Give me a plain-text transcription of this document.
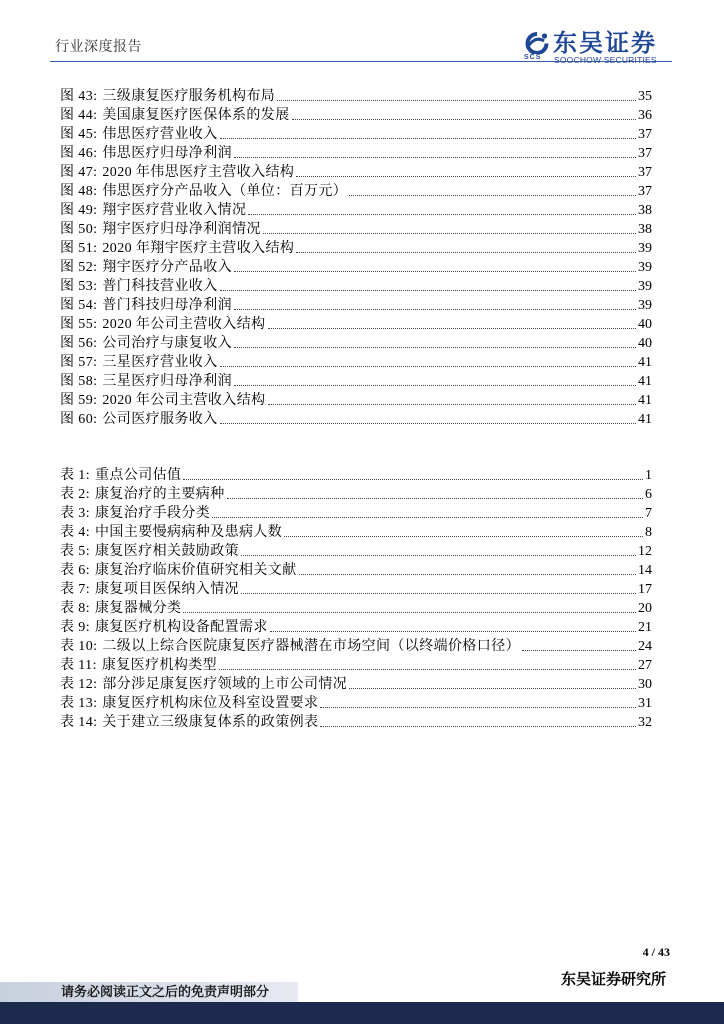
行业深度报告
SCS
东吴证券
SOOCHOW SECURITIES
图 43: 三级康复医疗服务机构布局	35
图 44: 美国康复医疗医保体系的发展	36
图 45: 伟思医疗营业收入	37
图 46: 伟思医疗归母净利润	37
图 47: 2020 年伟思医疗主营收入结构	37
图 48: 伟思医疗分产品收入（单位：百万元）	37
图 49: 翔宇医疗营业收入情况	38
图 50: 翔宇医疗归母净利润情况	38
图 51: 2020 年翔宇医疗主营收入结构	39
图 52: 翔宇医疗分产品收入	39
图 53: 普门科技营业收入	39
图 54: 普门科技归母净利润	39
图 55: 2020 年公司主营收入结构	40
图 56: 公司治疗与康复收入	40
图 57: 三星医疗营业收入	41
图 58: 三星医疗归母净利润	41
图 59: 2020 年公司主营收入结构	41
图 60: 公司医疗服务收入	41
表 1: 重点公司估值	1
表 2: 康复治疗的主要病种	6
表 3: 康复治疗手段分类	7
表 4: 中国主要慢病病种及患病人数	8
表 5: 康复医疗相关鼓励政策	12
表 6: 康复治疗临床价值研究相关文献	14
表 7: 康复项目医保纳入情况	17
表 8: 康复器械分类	20
表 9: 康复医疗机构设备配置需求	21
表 10: 二级以上综合医院康复医疗器械潜在市场空间（以终端价格口径）	24
表 11: 康复医疗机构类型	27
表 12: 部分涉足康复医疗领域的上市公司情况	30
表 13: 康复医疗机构床位及科室设置要求	31
表 14: 关于建立三级康复体系的政策例表	32
4 / 43
东吴证券研究所
请务必阅读正文之后的免责声明部分
